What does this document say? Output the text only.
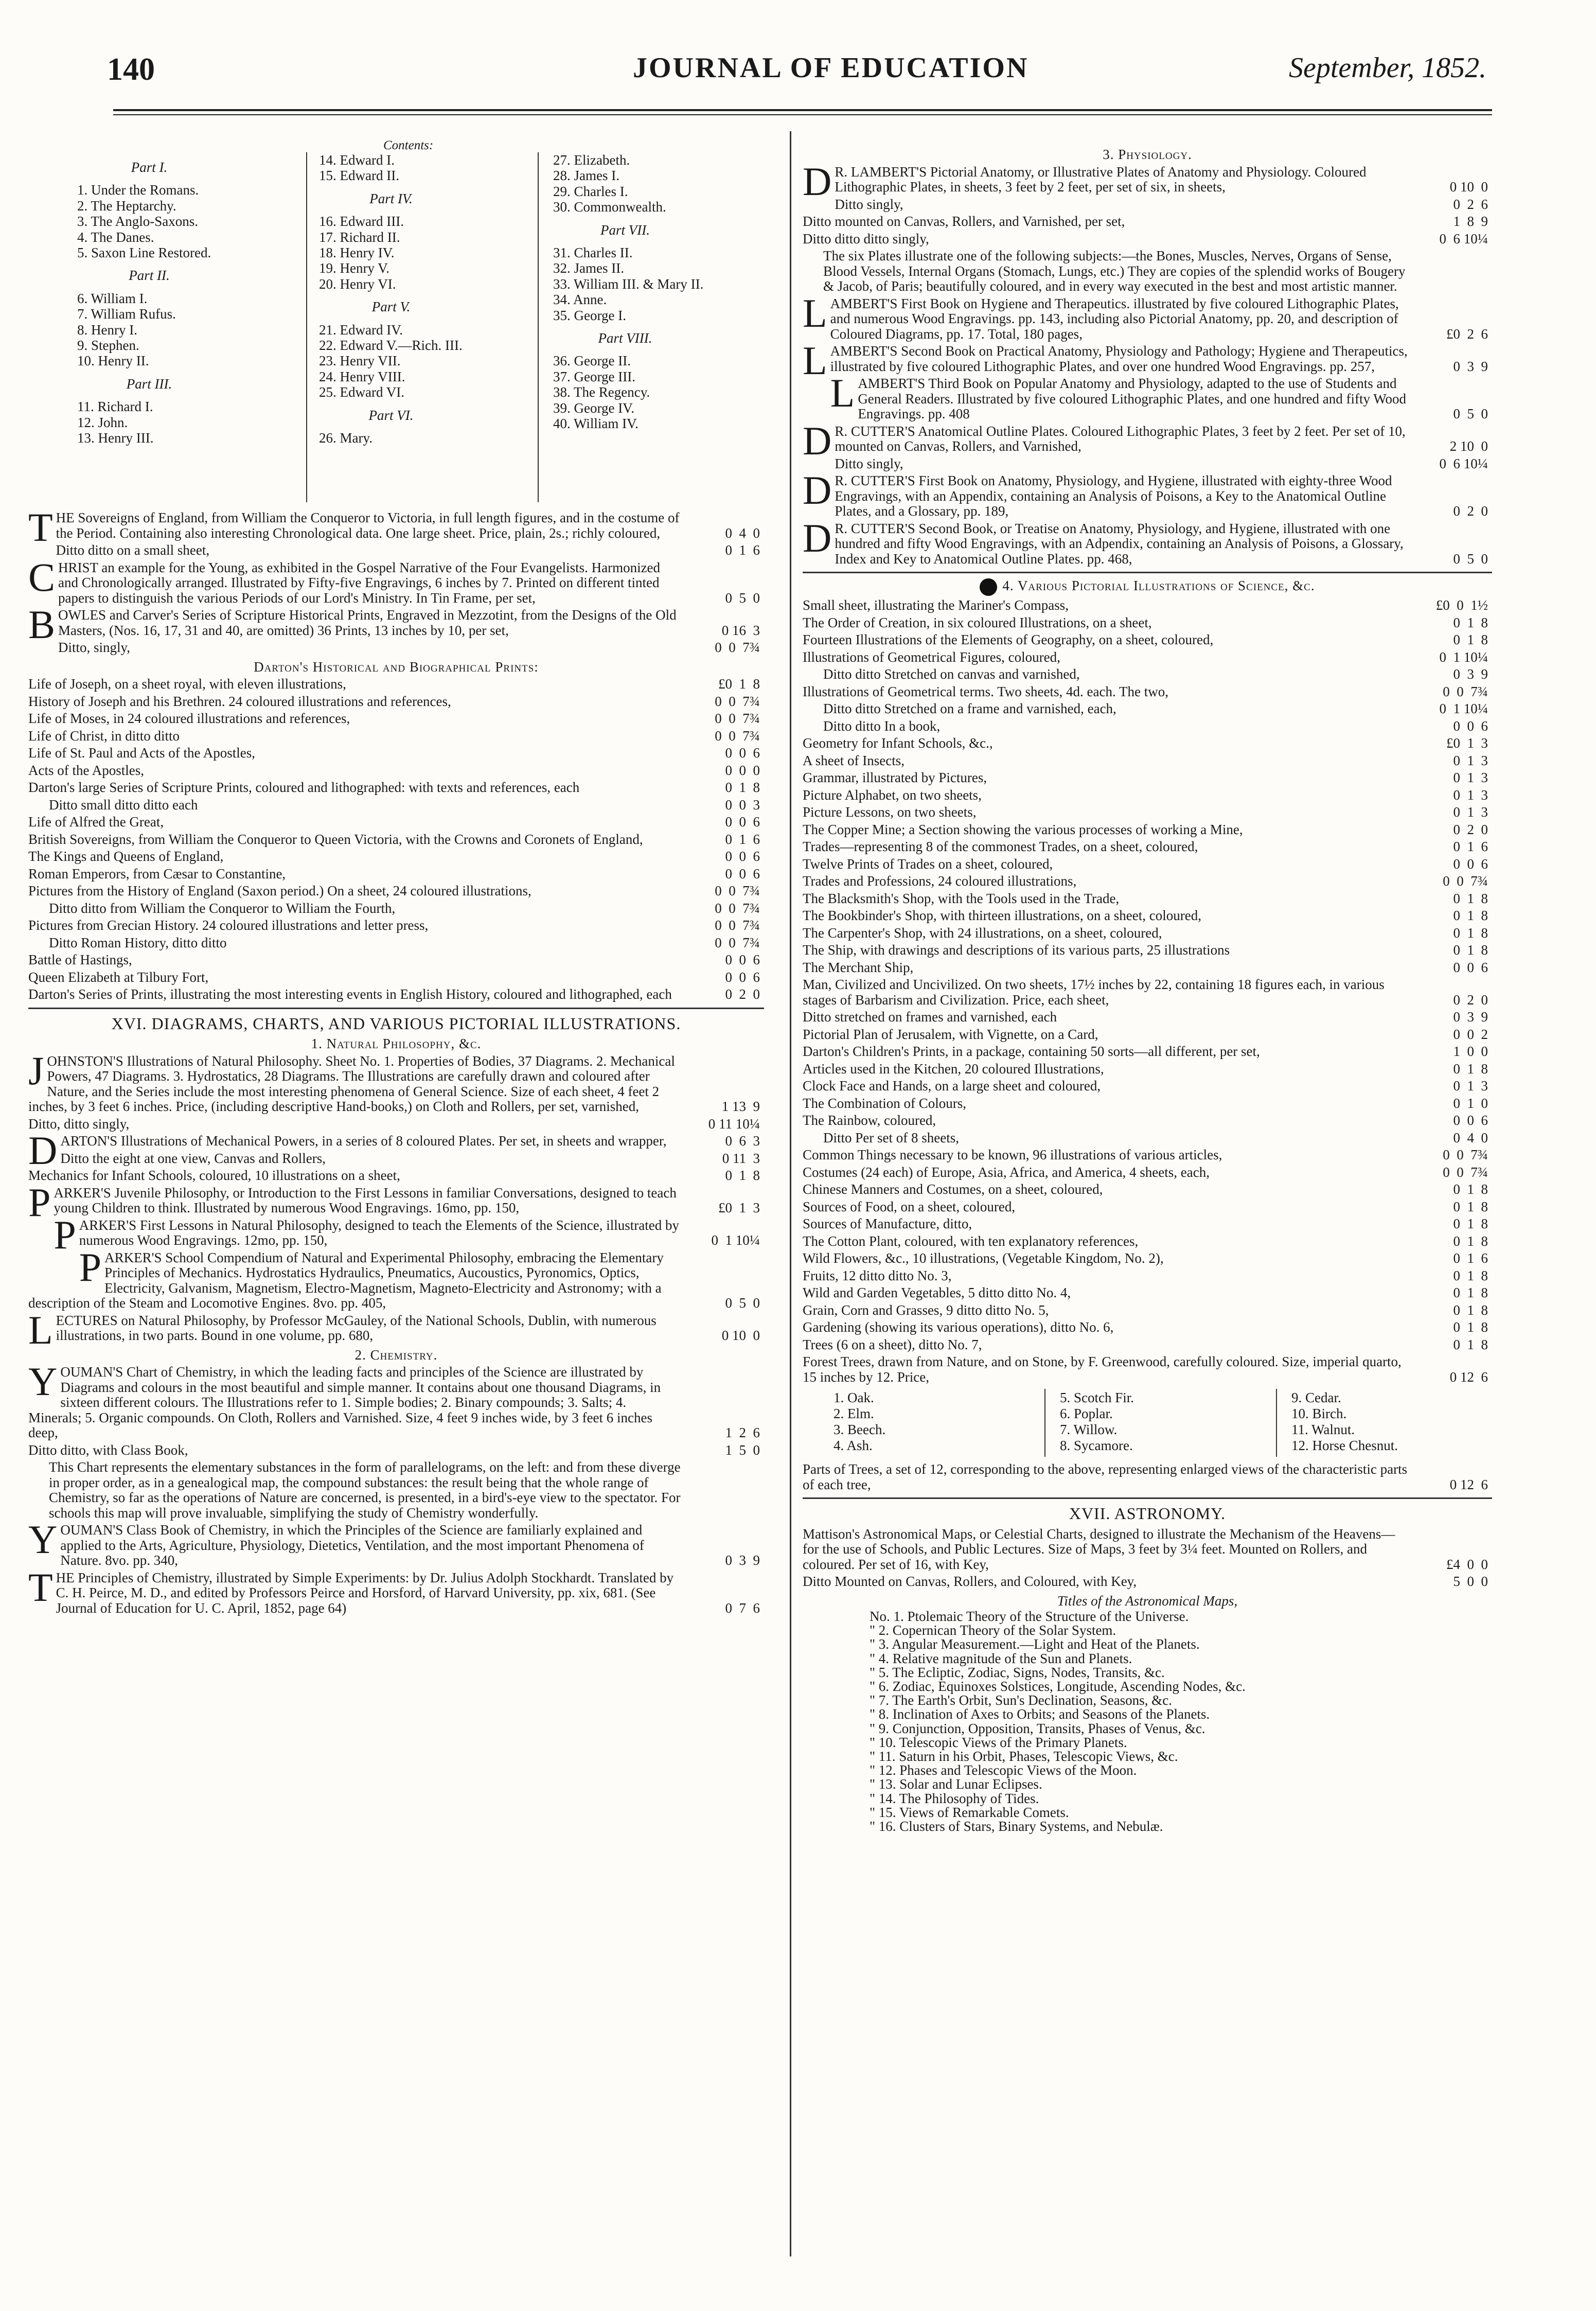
140	JOURNAL OF EDUCATION	September, 1852.
Contents:
Part I.
1. Under the Romans.
2. The Heptarchy.
3. The Anglo-Saxons.
4. The Danes.
5. Saxon Line Restored.
Part II.
6. William I.
7. William Rufus.
8. Henry I.
9. Stephen.
10. Henry II.
Part III.
11. Richard I.
12. John.
13. Henry III.
14. Edward I.
15. Edward II.
Part IV.
16. Edward III.
17. Richard II.
18. Henry IV.
19. Henry V.
20. Henry VI.
Part V.
21. Edward IV.
22. Edward V.—Rich. III.
23. Henry VII.
24. Henry VIII.
25. Edward VI.
Part VI.
26. Mary.
27. Elizabeth.
28. James I.
29. Charles I.
30. Commonwealth.
Part VII.
31. Charles II.
32. James II.
33. William III. & Mary II.
34. Anne.
35. George I.
Part VIII.
36. George II.
37. George III.
38. The Regency.
39. George IV.
40. William IV.
T HE Sovereigns of England, from William the Conqueror to Victoria, in full length figures, and in the costume of the Period. Containing also interesting Chronological data. One large sheet. Price, plain, 2s.; richly coloured,	0  4  0
Ditto ditto on a small sheet,	0  1  6
C HRIST an example for the Young, as exhibited in the Gospel Narrative of the Four Evangelists. Harmonized and Chronologically arranged. Illustrated by Fifty-five Engravings, 6 inches by 7. Printed on different tinted papers to distinguish the various Periods of our Lord's Ministry. In Tin Frame, per set,	0  5  0
B OWLES and Carver's Series of Scripture Historical Prints, Engraved in Mezzotint, from the Designs of the Old Masters, (Nos. 16, 17, 31 and 40, are omitted) 36 Prints, 13 inches by 10, per set,	0 16  3
Ditto, singly,	0  0  7¾
Darton's Historical and Biographical Prints:
Life of Joseph, on a sheet royal, with eleven illustrations,	£0  1  8
History of Joseph and his Brethren. 24 coloured illustrations and references,	0  0  7¾
Life of Moses, in 24 coloured illustrations and references,	0  0  7¾
Life of Christ, in ditto ditto	0  0  7¾
Life of St. Paul and Acts of the Apostles,	0  0  6
Acts of the Apostles,	0  0  0
Darton's large Series of Scripture Prints, coloured and lithographed: with texts and references, each	0  1  8
Ditto small ditto ditto each	0  0  3
Life of Alfred the Great,	0  0  6
British Sovereigns, from William the Conqueror to Queen Victoria, with the Crowns and Coronets of England,	0  1  6
The Kings and Queens of England,	0  0  6
Roman Emperors, from Cæsar to Constantine,	0  0  6
Pictures from the History of England (Saxon period.) On a sheet, 24 coloured illustrations,	0  0  7¾
Ditto ditto from William the Conqueror to William the Fourth,	0  0  7¾
Pictures from Grecian History. 24 coloured illustrations and letter press,	0  0  7¾
Ditto Roman History, ditto ditto	0  0  7¾
Battle of Hastings,	0  0  6
Queen Elizabeth at Tilbury Fort,	0  0  6
Darton's Series of Prints, illustrating the most interesting events in English History, coloured and lithographed, each	0  2  0
XVI. DIAGRAMS, CHARTS, AND VARIOUS PICTORIAL ILLUSTRATIONS.
1. Natural Philosophy, &c.
J OHNSTON'S Illustrations of Natural Philosophy. Sheet No. 1. Properties of Bodies, 37 Diagrams. 2. Mechanical Powers, 47 Diagrams. 3. Hydrostatics, 28 Diagrams. The Illustrations are carefully drawn and coloured after Nature, and the Series include the most interesting phenomena of General Science. Size of each sheet, 4 feet 2 inches, by 3 feet 6 inches. Price, (including descriptive Hand-books,) on Cloth and Rollers, per set, varnished,	1 13  9
Ditto, ditto singly,	0 11 10¼
D ARTON'S Illustrations of Mechanical Powers, in a series of 8 coloured Plates. Per set, in sheets and wrapper,	0  6  3
Ditto the eight at one view, Canvas and Rollers,	0 11  3
Mechanics for Infant Schools, coloured, 10 illustrations on a sheet,	0  1  8
P ARKER'S Juvenile Philosophy, or Introduction to the First Lessons in familiar Conversations, designed to teach young Children to think. Illustrated by numerous Wood Engravings. 16mo, pp. 150,	£0  1  3
P ARKER'S First Lessons in Natural Philosophy, designed to teach the Elements of the Science, illustrated by numerous Wood Engravings. 12mo, pp. 150,	0  1 10¼
P ARKER'S School Compendium of Natural and Experimental Philosophy, embracing the Elementary Principles of Mechanics. Hydrostatics Hydraulics, Pneumatics, Aucoustics, Pyronomics, Optics, Electricity, Galvanism, Magnetism, Electro-Magnetism, Magneto-Electricity and Astronomy; with a description of the Steam and Locomotive Engines. 8vo. pp. 405,	0  5  0
L ECTURES on Natural Philosophy, by Professor McGauley, of the National Schools, Dublin, with numerous illustrations, in two parts. Bound in one volume, pp. 680,	0 10  0
2. Chemistry.
Y OUMAN'S Chart of Chemistry, in which the leading facts and principles of the Science are illustrated by Diagrams and colours in the most beautiful and simple manner. It contains about one thousand Diagrams, in sixteen different colours. The Illustrations refer to 1. Simple bodies; 2. Binary compounds; 3. Salts; 4. Minerals; 5. Organic compounds. On Cloth, Rollers and Varnished. Size, 4 feet 9 inches wide, by 3 feet 6 inches deep,	1  2  6
Ditto ditto, with Class Book,	1  5  0
This Chart represents the elementary substances in the form of parallelograms, on the left: and from these diverge in proper order, as in a genealogical map, the compound substances: the result being that the whole range of Chemistry, so far as the operations of Nature are concerned, is presented, in a bird's-eye view to the spectator. For schools this map will prove invaluable, simplifying the study of Chemistry wonderfully.
Y OUMAN'S Class Book of Chemistry, in which the Principles of the Science are familiarly explained and applied to the Arts, Agriculture, Physiology, Dietetics, Ventilation, and the most important Phenomena of Nature. 8vo. pp. 340,	0  3  9
T HE Principles of Chemistry, illustrated by Simple Experiments: by Dr. Julius Adolph Stockhardt. Translated by C. H. Peirce, M. D., and edited by Professors Peirce and Horsford, of Harvard University, pp. xix, 681. (See Journal of Education for U. C. April, 1852, page 64)	0  7  6
3. Physiology.
D R. LAMBERT'S Pictorial Anatomy, or Illustrative Plates of Anatomy and Physiology. Coloured Lithographic Plates, in sheets, 3 feet by 2 feet, per set of six, in sheets,	0 10  0
Ditto singly,	0  2  6
Ditto mounted on Canvas, Rollers, and Varnished, per set,	1  8  9
Ditto ditto ditto singly,	0  6 10¼
The six Plates illustrate one of the following subjects:—the Bones, Muscles, Nerves, Organs of Sense, Blood Vessels, Internal Organs (Stomach, Lungs, etc.) They are copies of the splendid works of Bougery & Jacob, of Paris; beautifully coloured, and in every way executed in the best and most artistic manner.
L AMBERT'S First Book on Hygiene and Therapeutics. illustrated by five coloured Lithographic Plates, and numerous Wood Engravings. pp. 143, including also Pictorial Anatomy, pp. 20, and description of Coloured Diagrams, pp. 17. Total, 180 pages,	£0  2  6
L AMBERT'S Second Book on Practical Anatomy, Physiology and Pathology; Hygiene and Therapeutics, illustrated by five coloured Lithographic Plates, and over one hundred Wood Engravings. pp. 257,	0  3  9
L AMBERT'S Third Book on Popular Anatomy and Physiology, adapted to the use of Students and General Readers. Illustrated by five coloured Lithographic Plates, and one hundred and fifty Wood Engravings. pp. 408	0  5  0
D R. CUTTER'S Anatomical Outline Plates. Coloured Lithographic Plates, 3 feet by 2 feet. Per set of 10, mounted on Canvas, Rollers, and Varnished,	2 10  0
Ditto singly,	0  6 10¼
D R. CUTTER'S First Book on Anatomy, Physiology, and Hygiene, illustrated with eighty-three Wood Engravings, with an Appendix, containing an Analysis of Poisons, a Key to the Anatomical Outline Plates, and a Glossary, pp. 189,	0  2  0
D R. CUTTER'S Second Book, or Treatise on Anatomy, Physiology, and Hygiene, illustrated with one hundred and fifty Wood Engravings, with an Adpendix, containing an Analysis of Poisons, a Glossary, Index and Key to Anatomical Outline Plates. pp. 468,	0  5  0
4. Various Pictorial Illustrations of Science, &c.
Small sheet, illustrating the Mariner's Compass,	£0  0  1½
The Order of Creation, in six coloured Illustrations, on a sheet,	0  1  8
Fourteen Illustrations of the Elements of Geography, on a sheet, coloured,	0  1  8
Illustrations of Geometrical Figures, coloured,	0  1 10¼
Ditto ditto Stretched on canvas and varnished,	0  3  9
Illustrations of Geometrical terms. Two sheets, 4d. each. The two,	0  0  7¾
Ditto ditto Stretched on a frame and varnished, each,	0  1 10¼
Ditto ditto In a book,	0  0  6
Geometry for Infant Schools, &c.,	£0  1  3
A sheet of Insects,	0  1  3
Grammar, illustrated by Pictures,	0  1  3
Picture Alphabet, on two sheets,	0  1  3
Picture Lessons, on two sheets,	0  1  3
The Copper Mine; a Section showing the various processes of working a Mine,	0  2  0
Trades—representing 8 of the commonest Trades, on a sheet, coloured,	0  1  6
Twelve Prints of Trades on a sheet, coloured,	0  0  6
Trades and Professions, 24 coloured illustrations,	0  0  7¾
The Blacksmith's Shop, with the Tools used in the Trade,	0  1  8
The Bookbinder's Shop, with thirteen illustrations, on a sheet, coloured,	0  1  8
The Carpenter's Shop, with 24 illustrations, on a sheet, coloured,	0  1  8
The Ship, with drawings and descriptions of its various parts, 25 illustrations	0  1  8
The Merchant Ship,	0  0  6
Man, Civilized and Uncivilized. On two sheets, 17½ inches by 22, containing 18 figures each, in various stages of Barbarism and Civilization. Price, each sheet,	0  2  0
Ditto stretched on frames and varnished, each	0  3  9
Pictorial Plan of Jerusalem, with Vignette, on a Card,	0  0  2
Darton's Children's Prints, in a package, containing 50 sorts—all different, per set,	1  0  0
Articles used in the Kitchen, 20 coloured Illustrations,	0  1  8
Clock Face and Hands, on a large sheet and coloured,	0  1  3
The Combination of Colours,	0  1  0
The Rainbow, coloured,	0  0  6
Ditto Per set of 8 sheets,	0  4  0
Common Things necessary to be known, 96 illustrations of various articles,	0  0  7¾
Costumes (24 each) of Europe, Asia, Africa, and America, 4 sheets, each,	0  0  7¾
Chinese Manners and Costumes, on a sheet, coloured,	0  1  8
Sources of Food, on a sheet, coloured,	0  1  8
Sources of Manufacture, ditto,	0  1  8
The Cotton Plant, coloured, with ten explanatory references,	0  1  8
Wild Flowers, &c., 10 illustrations, (Vegetable Kingdom, No. 2),	0  1  6
Fruits, 12 ditto ditto No. 3,	0  1  8
Wild and Garden Vegetables, 5 ditto ditto No. 4,	0  1  8
Grain, Corn and Grasses, 9 ditto ditto No. 5,	0  1  8
Gardening (showing its various operations), ditto No. 6,	0  1  8
Trees (6 on a sheet), ditto No. 7,	0  1  8
Forest Trees, drawn from Nature, and on Stone, by F. Greenwood, carefully coloured. Size, imperial quarto, 15 inches by 12. Price,	0 12  6
1. Oak.
2. Elm.
3. Beech.
4. Ash.
5. Scotch Fir.
6. Poplar.
7. Willow.
8. Sycamore.
9. Cedar.
10. Birch.
11. Walnut.
12. Horse Chesnut.
Parts of Trees, a set of 12, corresponding to the above, representing enlarged views of the characteristic parts of each tree,	0 12  6
XVII. ASTRONOMY.
Mattison's Astronomical Maps, or Celestial Charts, designed to illustrate the Mechanism of the Heavens—for the use of Schools, and Public Lectures. Size of Maps, 3 feet by 3¼ feet. Mounted on Rollers, and coloured. Per set of 16, with Key,	£4  0  0
Ditto Mounted on Canvas, Rollers, and Coloured, with Key,	5  0  0
Titles of the Astronomical Maps,
No. 1. Ptolemaic Theory of the Structure of the Universe.
" 2. Copernican Theory of the Solar System.
" 3. Angular Measurement.—Light and Heat of the Planets.
" 4. Relative magnitude of the Sun and Planets.
" 5. The Ecliptic, Zodiac, Signs, Nodes, Transits, &c.
" 6. Zodiac, Equinoxes Solstices, Longitude, Ascending Nodes, &c.
" 7. The Earth's Orbit, Sun's Declination, Seasons, &c.
" 8. Inclination of Axes to Orbits; and Seasons of the Planets.
" 9. Conjunction, Opposition, Transits, Phases of Venus, &c.
" 10. Telescopic Views of the Primary Planets.
" 11. Saturn in his Orbit, Phases, Telescopic Views, &c.
" 12. Phases and Telescopic Views of the Moon.
" 13. Solar and Lunar Eclipses.
" 14. The Philosophy of Tides.
" 15. Views of Remarkable Comets.
" 16. Clusters of Stars, Binary Systems, and Nebulæ.
